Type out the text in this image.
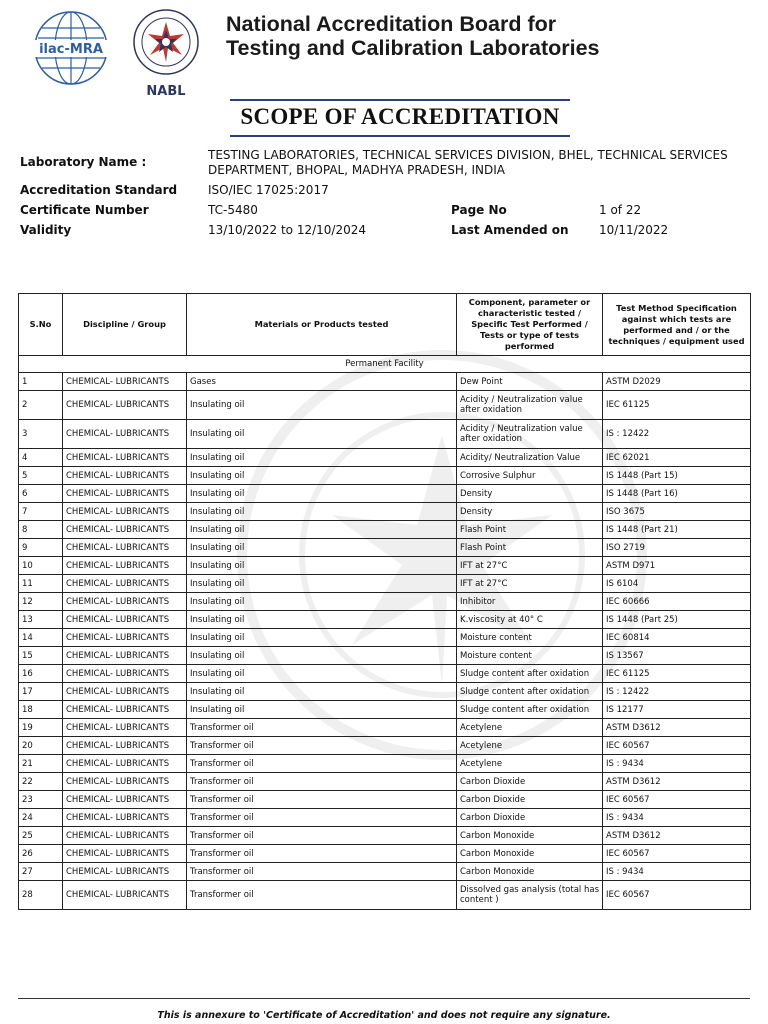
ilac-MRA
NABL
National Accreditation Board for
Testing and Calibration Laboratories
SCOPE OF ACCREDITATION
Laboratory Name :	TESTING LABORATORIES, TECHNICAL SERVICES DIVISION, BHEL, TECHNICAL SERVICES DEPARTMENT, BHOPAL, MADHYA PRADESH, INDIA
Accreditation Standard	ISO/IEC 17025:2017
Certificate Number	TC-5480	Page No	1 of 22
Validity	13/10/2022 to 12/10/2024	Last Amended on	10/11/2022
S.No	Discipline / Group	Materials or Products tested	Component, parameter or characteristic tested / Specific Test Performed / Tests or type of tests performed	Test Method Specification against which tests are performed and / or the techniques / equipment used
Permanent Facility				
1	CHEMICAL- LUBRICANTS	Gases	Dew Point	ASTM D2029
2	CHEMICAL- LUBRICANTS	Insulating oil	Acidity / Neutralization value after oxidation	IEC 61125
3	CHEMICAL- LUBRICANTS	Insulating oil	Acidity / Neutralization value after oxidation	IS : 12422
4	CHEMICAL- LUBRICANTS	Insulating oil	Acidity/ Neutralization Value	IEC 62021
5	CHEMICAL- LUBRICANTS	Insulating oil	Corrosive Sulphur	IS 1448 (Part 15)
6	CHEMICAL- LUBRICANTS	Insulating oil	Density	IS 1448 (Part 16)
7	CHEMICAL- LUBRICANTS	Insulating oil	Density	ISO 3675
8	CHEMICAL- LUBRICANTS	Insulating oil	Flash Point	IS 1448 (Part 21)
9	CHEMICAL- LUBRICANTS	Insulating oil	Flash Point	ISO 2719
10	CHEMICAL- LUBRICANTS	Insulating oil	IFT at 27°C	ASTM D971
11	CHEMICAL- LUBRICANTS	Insulating oil	IFT at 27°C	IS 6104
12	CHEMICAL- LUBRICANTS	Insulating oil	Inhibitor	IEC 60666
13	CHEMICAL- LUBRICANTS	Insulating oil	K.viscosity at 40° C	IS 1448 (Part 25)
14	CHEMICAL- LUBRICANTS	Insulating oil	Moisture content	IEC 60814
15	CHEMICAL- LUBRICANTS	Insulating oil	Moisture content	IS 13567
16	CHEMICAL- LUBRICANTS	Insulating oil	Sludge content after oxidation	IEC 61125
17	CHEMICAL- LUBRICANTS	Insulating oil	Sludge content after oxidation	IS : 12422
18	CHEMICAL- LUBRICANTS	Insulating oil	Sludge content after oxidation	IS 12177
19	CHEMICAL- LUBRICANTS	Transformer oil	Acetylene	ASTM D3612
20	CHEMICAL- LUBRICANTS	Transformer oil	Acetylene	IEC 60567
21	CHEMICAL- LUBRICANTS	Transformer oil	Acetylene	IS : 9434
22	CHEMICAL- LUBRICANTS	Transformer oil	Carbon Dioxide	ASTM D3612
23	CHEMICAL- LUBRICANTS	Transformer oil	Carbon Dioxide	IEC 60567
24	CHEMICAL- LUBRICANTS	Transformer oil	Carbon Dioxide	IS : 9434
25	CHEMICAL- LUBRICANTS	Transformer oil	Carbon Monoxide	ASTM D3612
26	CHEMICAL- LUBRICANTS	Transformer oil	Carbon Monoxide	IEC 60567
27	CHEMICAL- LUBRICANTS	Transformer oil	Carbon Monoxide	IS : 9434
28	CHEMICAL- LUBRICANTS	Transformer oil	Dissolved gas analysis (total has content )	IEC 60567
This is annexure to 'Certificate of Accreditation' and does not require any signature.
